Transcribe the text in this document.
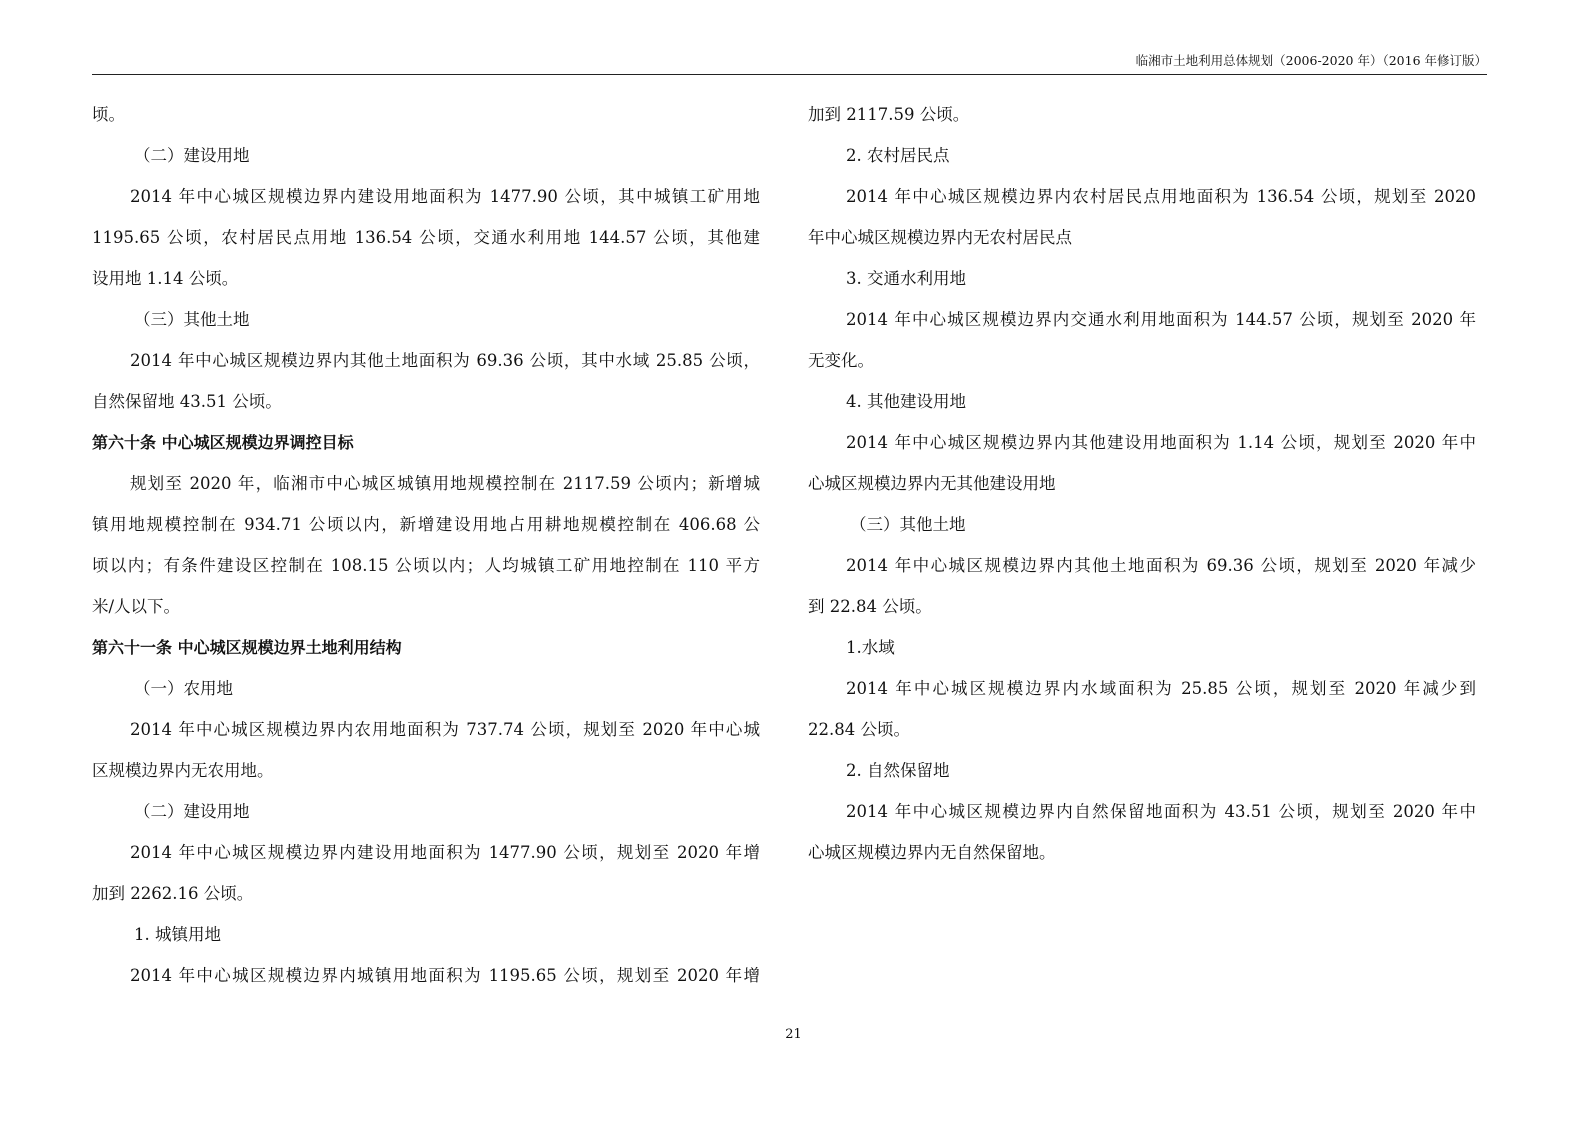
临湘市土地利用总体规划（2006-2020 年）（2016 年修订版）
顷。
（二）建设用地
2014 年中心城区规模边界内建设用地面积为 1477.90 公顷，其中城镇工矿用地
1195.65 公顷，农村居民点用地 136.54 公顷，交通水利用地 144.57 公顷，其他建
设用地 1.14 公顷。
（三）其他土地
2014 年中心城区规模边界内其他土地面积为 69.36 公顷，其中水域 25.85 公顷，
自然保留地 43.51 公顷。
第六十条 中心城区规模边界调控目标
规划至 2020 年，临湘市中心城区城镇用地规模控制在 2117.59 公顷内；新增城
镇用地规模控制在 934.71 公顷以内，新增建设用地占用耕地规模控制在 406.68 公
顷以内；有条件建设区控制在 108.15 公顷以内；人均城镇工矿用地控制在 110 平方
米/人以下。
第六十一条 中心城区规模边界土地利用结构
（一）农用地
2014 年中心城区规模边界内农用地面积为 737.74 公顷，规划至 2020 年中心城
区规模边界内无农用地。
（二）建设用地
2014 年中心城区规模边界内建设用地面积为 1477.90 公顷，规划至 2020 年增
加到 2262.16 公顷。
1. 城镇用地
2014 年中心城区规模边界内城镇用地面积为 1195.65 公顷，规划至 2020 年增
加到 2117.59 公顷。
2. 农村居民点
2014 年中心城区规模边界内农村居民点用地面积为 136.54 公顷，规划至 2020
年中心城区规模边界内无农村居民点
3. 交通水利用地
2014 年中心城区规模边界内交通水利用地面积为 144.57 公顷，规划至 2020 年
无变化。
4. 其他建设用地
2014 年中心城区规模边界内其他建设用地面积为 1.14 公顷，规划至 2020 年中
心城区规模边界内无其他建设用地
（三）其他土地
2014 年中心城区规模边界内其他土地面积为 69.36 公顷，规划至 2020 年减少
到 22.84 公顷。
1.水域
2014 年中心城区规模边界内水域面积为 25.85 公顷，规划至 2020 年减少到
22.84 公顷。
2. 自然保留地
2014 年中心城区规模边界内自然保留地面积为 43.51 公顷，规划至 2020 年中
心城区规模边界内无自然保留地。
21
